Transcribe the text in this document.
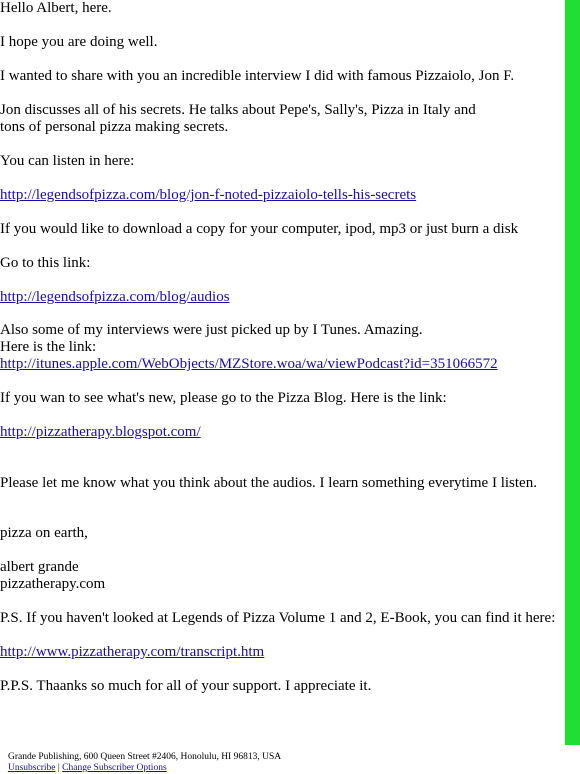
Hello Albert, here.

I hope you are doing well.

I wanted to share with you an incredible interview I did with famous Pizzaiolo, Jon F.

Jon discusses all of his secrets. He talks about Pepe's, Sally's, Pizza in Italy and

tons of personal pizza making secrets.

You can listen in here:

http://legendsofpizza.com/blog/jon-f-noted-pizzaiolo-tells-his-secrets

If you would like to download a copy for your computer, ipod, mp3 or just burn a disk

Go to this link:

http://legendsofpizza.com/blog/audios

Also some of my interviews were just picked up by I Tunes. Amazing.

Here is the link:

http://itunes.apple.com/WebObjects/MZStore.woa/wa/viewPodcast?id=351066572

If you wan to see what's new, please go to the Pizza Blog. Here is the link:

http://pizzatherapy.blogspot.com/

Please let me know what you think about the audios. I learn something everytime I listen.

pizza on earth,

albert grande

pizzatherapy.com

P.S. If you haven't looked at Legends of Pizza Volume 1 and 2, E-Book, you can find it here:

http://www.pizzatherapy.com/transcript.htm

P.P.S. Thaanks so much for all of your support. I appreciate it.

Grande Publishing, 600 Queen Street #2406, Honolulu, HI 96813, USA
Unsubscribe | Change Subscriber Options
